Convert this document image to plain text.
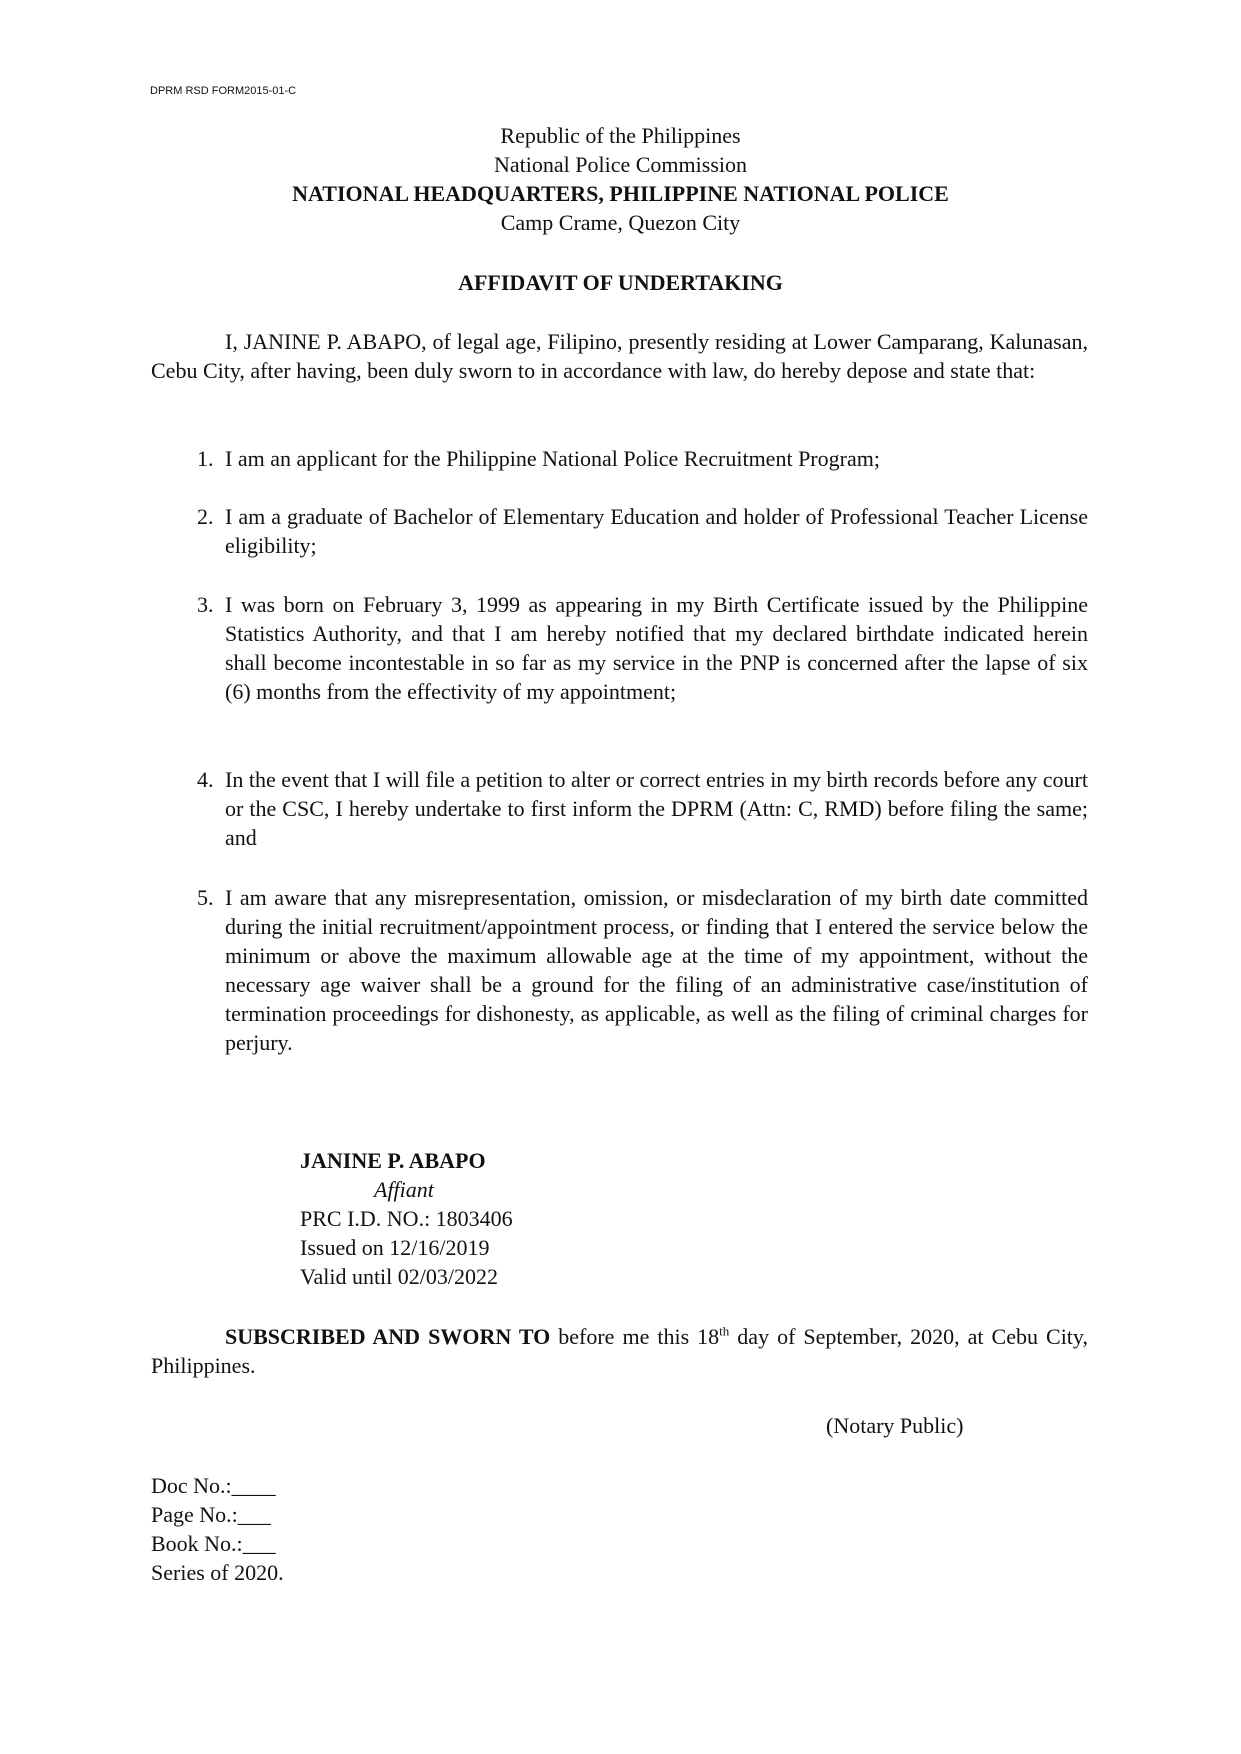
DPRM RSD FORM2015-01-C
Republic of the Philippines
National Police Commission
NATIONAL HEADQUARTERS, PHILIPPINE NATIONAL POLICE
Camp Crame, Quezon City
AFFIDAVIT OF UNDERTAKING
I, JANINE P. ABAPO, of legal age, Filipino, presently residing at Lower Camparang, Kalunasan, Cebu City, after having, been duly sworn to in accordance with law, do hereby depose and state that:
1. I am an applicant for the Philippine National Police Recruitment Program;
2. I am a graduate of Bachelor of Elementary Education and holder of Professional Teacher License eligibility;
3. I was born on February 3, 1999 as appearing in my Birth Certificate issued by the Philippine Statistics Authority, and that I am hereby notified that my declared birthdate indicated herein shall become incontestable in so far as my service in the PNP is concerned after the lapse of six (6) months from the effectivity of my appointment;
4. In the event that I will file a petition to alter or correct entries in my birth records before any court or the CSC, I hereby undertake to first inform the DPRM (Attn: C, RMD) before filing the same; and
5. I am aware that any misrepresentation, omission, or misdeclaration of my birth date committed during the initial recruitment/appointment process, or finding that I entered the service below the minimum or above the maximum allowable age at the time of my appointment, without the necessary age waiver shall be a ground for the filing of an administrative case/institution of termination proceedings for dishonesty, as applicable, as well as the filing of criminal charges for perjury.
JANINE P. ABAPO
Affiant
PRC I.D. NO.: 1803406
Issued on 12/16/2019
Valid until 02/03/2022
SUBSCRIBED AND SWORN TO before me this 18th day of September, 2020, at Cebu City, Philippines.
(Notary Public)
Doc No.:____
Page No.:___
Book No.:___
Series of 2020.
